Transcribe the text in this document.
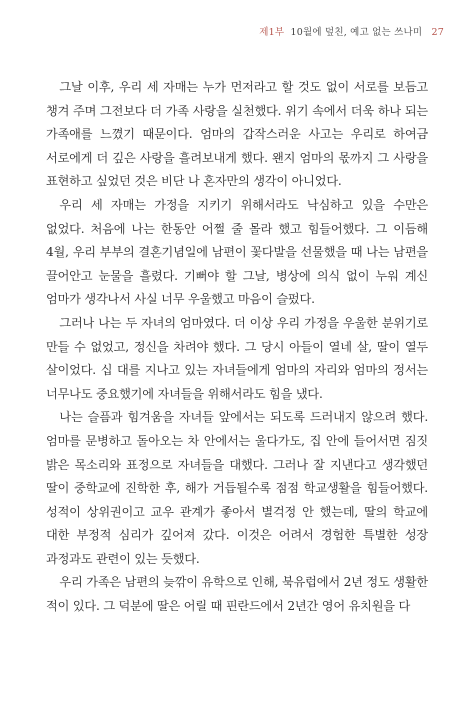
제1부 10월에 덮친, 예고 없는 쓰나미 27

그날 이후, 우리 세 자매는 누가 먼저라고 할 것도 없이 서로를 보듬고 챙겨 주며 그전보다 더 가족 사랑을 실천했다. 위기 속에서 더욱 하나 되는 가족애를 느꼈기 때문이다. 엄마의 갑작스러운 사고는 우리로 하여금 서로에게 더 깊은 사랑을 흘려보내게 했다. 왠지 엄마의 몫까지 그 사랑을 표현하고 싶었던 것은 비단 나 혼자만의 생각이 아니었다.

우리 세 자매는 가정을 지키기 위해서라도 낙심하고 있을 수만은 없었다. 처음에 나는 한동안 어쩔 줄 몰라 했고 힘들어했다. 그 이듬해 4월, 우리 부부의 결혼기념일에 남편이 꽃다발을 선물했을 때 나는 남편을 끌어안고 눈물을 흘렸다. 기뻐야 할 그날, 병상에 의식 없이 누워 계신 엄마가 생각나서 사실 너무 우울했고 마음이 슬펐다.

그러나 나는 두 자녀의 엄마였다. 더 이상 우리 가정을 우울한 분위기로 만들 수 없었고, 정신을 차려야 했다. 그 당시 아들이 열네 살, 딸이 열두 살이었다. 십 대를 지나고 있는 자녀들에게 엄마의 자리와 엄마의 정서는 너무나도 중요했기에 자녀들을 위해서라도 힘을 냈다.

나는 슬픔과 힘겨움을 자녀들 앞에서는 되도록 드러내지 않으려 했다. 엄마를 문병하고 돌아오는 차 안에서는 울다가도, 집 안에 들어서면 짐짓 밝은 목소리와 표정으로 자녀들을 대했다. 그러나 잘 지낸다고 생각했던 딸이 중학교에 진학한 후, 해가 거듭될수록 점점 학교생활을 힘들어했다. 성적이 상위권이고 교우 관계가 좋아서 별걱정 안 했는데, 딸의 학교에 대한 부정적 심리가 깊어져 갔다. 이것은 어려서 경험한 특별한 성장 과정과도 관련이 있는 듯했다.

우리 가족은 남편의 늦깎이 유학으로 인해, 북유럽에서 2년 정도 생활한 적이 있다. 그 덕분에 딸은 어릴 때 핀란드에서 2년간 영어 유치원을 다
